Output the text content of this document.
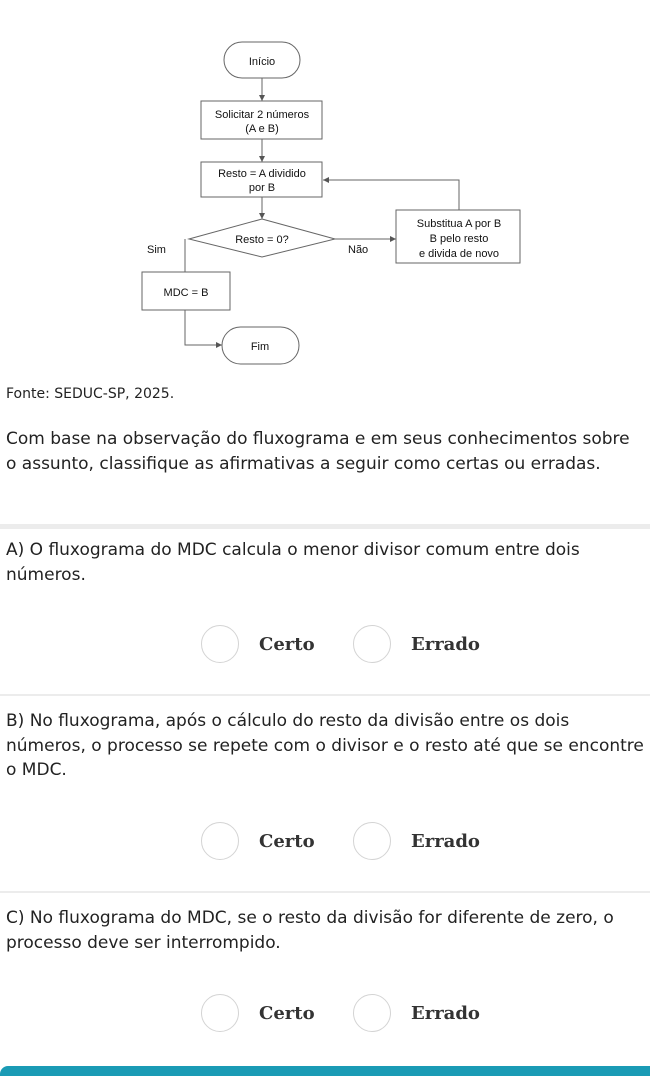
Início
Solicitar 2 números
(A e B)
Resto = A dividido
por B
Resto = 0?
Sim	Não
Substitua A por B
B pelo resto
e divida de novo
MDC = B
Fim
Fonte: SEDUC-SP, 2025.

Com base na observação do fluxograma e em seus conhecimentos sobre o assunto, classifique as afirmativas a seguir como certas ou erradas.

A) O fluxograma do MDC calcula o menor divisor comum entre dois números.

Certo	Errado

B) No fluxograma, após o cálculo do resto da divisão entre os dois números, o processo se repete com o divisor e o resto até que se encontre o MDC.

Certo	Errado

C) No fluxograma do MDC, se o resto da divisão for diferente de zero, o processo deve ser interrompido.

Certo	Errado
